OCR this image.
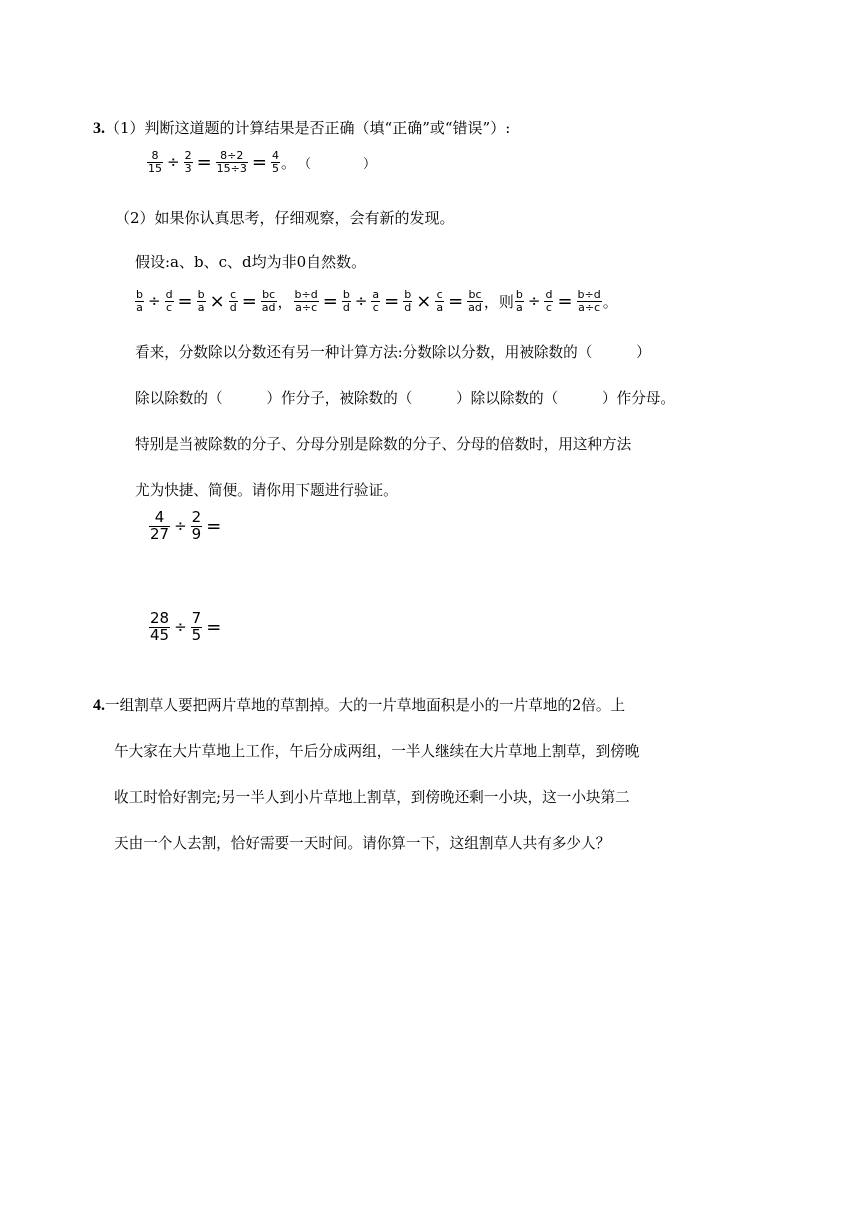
3.（1）判断这道题的计算结果是否正确（填“正确”或“错误”）:
$\frac{8}{15} \div \frac{2}{3} = \frac{8\div 2}{15\div 3} = \frac{4}{5}$ 。 （　　　　）
（2）如果你认真思考，仔细观察，会有新的发现。
假设:a、b、c、d均为非0自然数。
$\frac{b}{a} \div \frac{d}{c} = \frac{b}{a} \times \frac{c}{d} = \frac{bc}{ad}$ ， $\frac{b\div d}{a\div c} = \frac{b}{d} \div \frac{a}{c} = \frac{b}{d} \times \frac{c}{a} = \frac{bc}{ad}$ ，则 $\frac{b}{a} \div \frac{d}{c} = \frac{b\div d}{a\div c}$ 。
看来，分数除以分数还有另一种计算方法:分数除以分数，用被除数的（　　　）
除以除数的（　　　）作分子，被除数的（　　　）除以除数的（　　　）作分母。
特别是当被除数的分子、分母分别是除数的分子、分母的倍数时，用这种方法
尤为快捷、简便。请你用下题进行验证。
$\frac{4}{27} \div \frac{2}{9}$ =
$\frac{28}{45} \div \frac{7}{5}$ =
4.一组割草人要把两片草地的草割掉。大的一片草地面积是小的一片草地的2倍。上
午大家在大片草地上工作，午后分成两组，一半人继续在大片草地上割草，到傍晚
收工时恰好割完;另一半人到小片草地上割草，到傍晚还剩一小块，这一小块第二
天由一个人去割，恰好需要一天时间。请你算一下，这组割草人共有多少人？
